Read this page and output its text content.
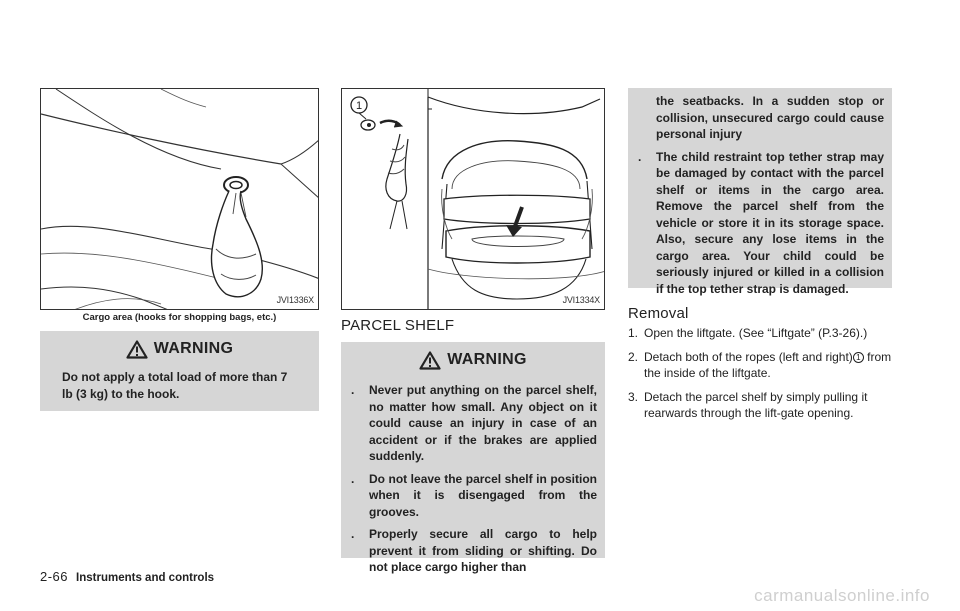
JVI1336X
Cargo area (hooks for shopping bags, etc.)
WARNING
Do not apply a total load of more than 7 lb (3 kg) to the hook.
1
JVI1334X
PARCEL SHELF
WARNING
. Never put anything on the parcel shelf, no matter how small. Any object on it could cause an injury in case of an accident or if the brakes are applied suddenly.
. Do not leave the parcel shelf in position when it is disengaged from the grooves.
. Properly secure all cargo to help prevent it from sliding or shifting. Do not place cargo higher than
the seatbacks. In a sudden stop or collision, unsecured cargo could cause personal injury
. The child restraint top tether strap may be damaged by contact with the parcel shelf or items in the cargo area. Remove the parcel shelf from the vehicle or store it in its storage space. Also, secure any lose items in the cargo area. Your child could be seriously injured or killed in a collision if the top tether strap is damaged.
Removal
1. Open the liftgate. (See “Liftgate” (P.3-26).)
2. Detach both of the ropes (left and right) 1 from the inside of the liftgate.
3. Detach the parcel shelf by simply pulling it rearwards through the lift-gate opening.
2-66 Instruments and controls
carmanualsonline.info
